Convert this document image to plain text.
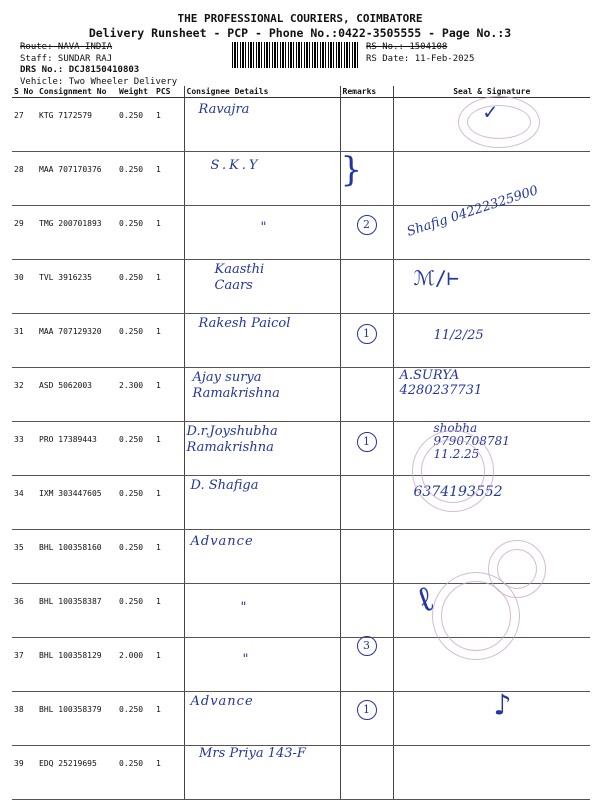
THE PROFESSIONAL COURIERS, COIMBATORE
Delivery Runsheet - PCP - Phone No.:0422-3505555 - Page No.:3
Route: NAVA INDIA
Staff: SUNDAR RAJ
DRS No.: DCJ8150410803
Vehicle: Two Wheeler Delivery
RS No.: 1504108
RS Date: 11-Feb-2025
S No	Consignment No	Weight	PCS	Consignee Details	Remarks	Seal & Signature
27	KTG 7172579	0.250	1	Ravajra		✓

28	MAA 707170376	0.250	1	S.K.Y	}	

29	TMG 200701893	0.250	1	"	2	Shafig 04222325900

30	TVL 3916235	0.250	1	Kaasthi Caars		ℳ∕⊢

31	MAA 707129320	0.250	1	Rakesh Paicol	1	11/2/25

32	ASD 5062003	2.300	1	Ajay surya Ramakrishna		A.SURYA 4280237731

33	PRO 17389443	0.250	1	D.r.Joyshubha Ramakrishna	1	shobha 9790708781 11.2.25

34	IXM 303447605	0.250	1	D. Shafiga		6374193552

35	BHL 100358160	0.250	1	Advance		

36	BHL 100358387	0.250	1	"		ℓ

37	BHL 100358129	2.000	1	"	3	

38	BHL 100358379	0.250	1	Advance	1	♪

39	EDQ 25219695	0.250	1	Mrs Priya 143-F		
